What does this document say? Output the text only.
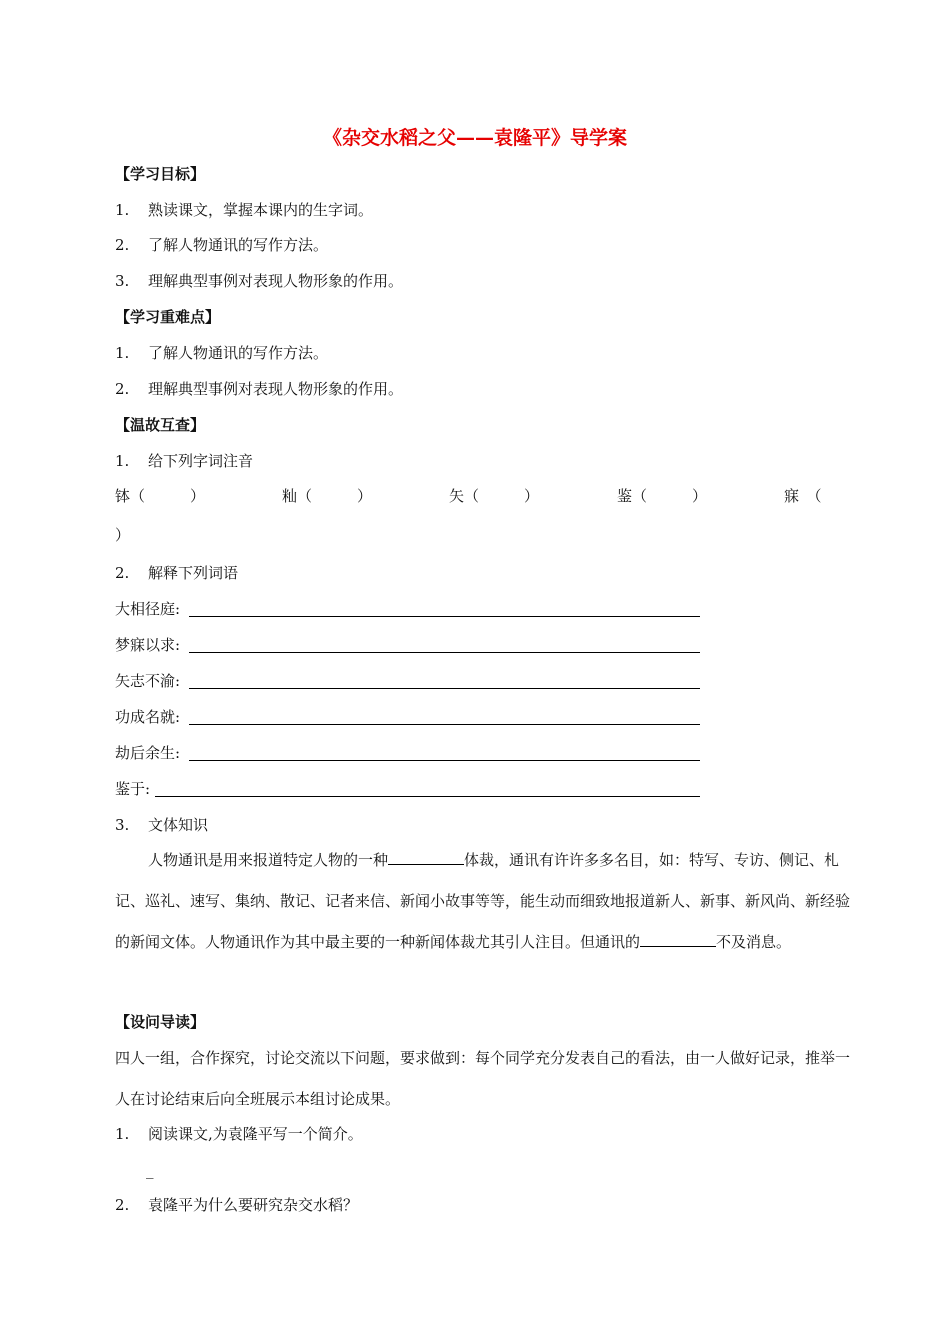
《杂交水稻之父——袁隆平》导学案
【学习目标】
1. 熟读课文，掌握本课内的生字词。
2. 了解人物通讯的写作方法。
3. 理解典型事例对表现人物形象的作用。
【学习重难点】
1. 了解人物通讯的写作方法。
2. 理解典型事例对表现人物形象的作用。
【温故互查】
1. 给下列字词注音
钵（　　　）	籼（　　　）	矢（　　　）	鉴（　　　）	寐　（
）
2. 解释下列词语
大相径庭:
梦寐以求:
矢志不渝:
功成名就:
劫后余生:
鉴于:
3. 文体知识
人物通讯是用来报道特定人物的一种	体裁，通讯有许许多多名目，如：特写、专访、侧记、札记、巡礼、速写、集纳、散记、记者来信、新闻小故事等等，能生动而细致地报道新人、新事、新风尚、新经验的新闻文体。人物通讯作为其中最主要的一种新闻体裁尤其引人注目。但通讯的	不及消息。
【设问导读】
四人一组，合作探究，讨论交流以下问题，要求做到：每个同学充分发表自己的看法，由一人做好记录，推举一人在讨论结束后向全班展示本组讨论成果。
1. 阅读课文,为袁隆平写一个简介。
_
2. 袁隆平为什么要研究杂交水稻？
